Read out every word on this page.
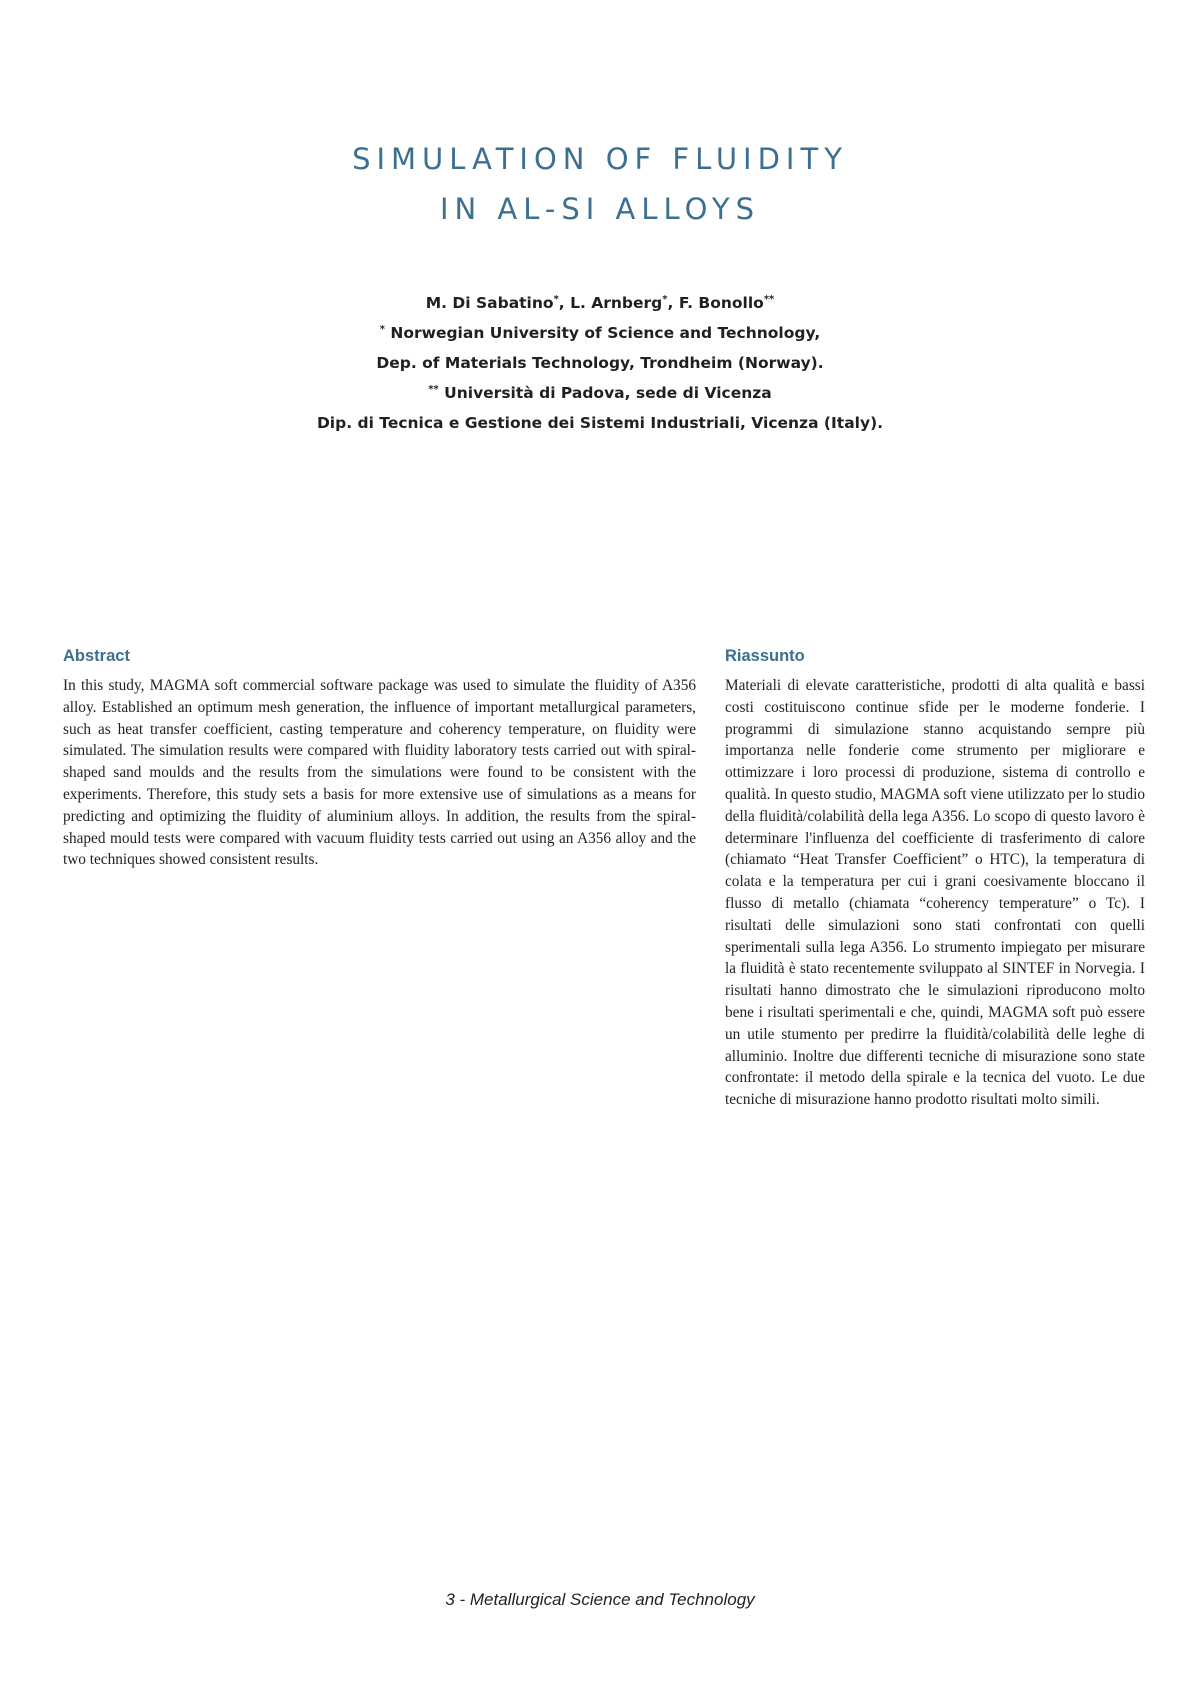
SIMULATION OF FLUIDITY
IN AL-SI ALLOYS
M. Di Sabatino*, L. Arnberg*, F. Bonollo**
* Norwegian University of Science and Technology,
Dep. of Materials Technology, Trondheim (Norway).
** Università di Padova, sede di Vicenza
Dip. di Tecnica e Gestione dei Sistemi Industriali, Vicenza (Italy).
Abstract

In this study, MAGMA soft commercial software package was used to simulate the fluidity of A356 alloy. Established an optimum mesh generation, the influence of important metallurgical parameters, such as heat transfer coefficient, casting temperature and coherency temperature, on fluidity were simulated. The simulation results were compared with fluidity laboratory tests carried out with spiral-shaped sand moulds and the results from the simulations were found to be consistent with the experiments. Therefore, this study sets a basis for more extensive use of simulations as a means for predicting and optimizing the fluidity of aluminium alloys. In addition, the results from the spiral-shaped mould tests were compared with vacuum fluidity tests carried out using an A356 alloy and the two techniques showed consistent results.

Riassunto

Materiali di elevate caratteristiche, prodotti di alta qualità e bassi costi costituiscono continue sfide per le moderne fonderie. I programmi di simulazione stanno acquistando sempre più importanza nelle fonderie come strumento per migliorare e ottimizzare i loro processi di produzione, sistema di controllo e qualità. In questo studio, MAGMA soft viene utilizzato per lo studio della fluidità/colabilità della lega A356. Lo scopo di questo lavoro è determinare l'influenza del coefficiente di trasferimento di calore (chiamato “Heat Transfer Coefficient” o HTC), la temperatura di colata e la temperatura per cui i grani coesivamente bloccano il flusso di metallo (chiamata “coherency temperature” o Tc). I risultati delle simulazioni sono stati confrontati con quelli sperimentali sulla lega A356. Lo strumento impiegato per misurare la fluidità è stato recentemente sviluppato al SINTEF in Norvegia. I risultati hanno dimostrato che le simulazioni riproducono molto bene i risultati sperimentali e che, quindi, MAGMA soft può essere un utile stumento per predirre la fluidità/colabilità delle leghe di alluminio. Inoltre due differenti tecniche di misurazione sono state confrontate: il metodo della spirale e la tecnica del vuoto. Le due tecniche di misurazione hanno prodotto risultati molto simili.

3 - Metallurgical Science and Technology
